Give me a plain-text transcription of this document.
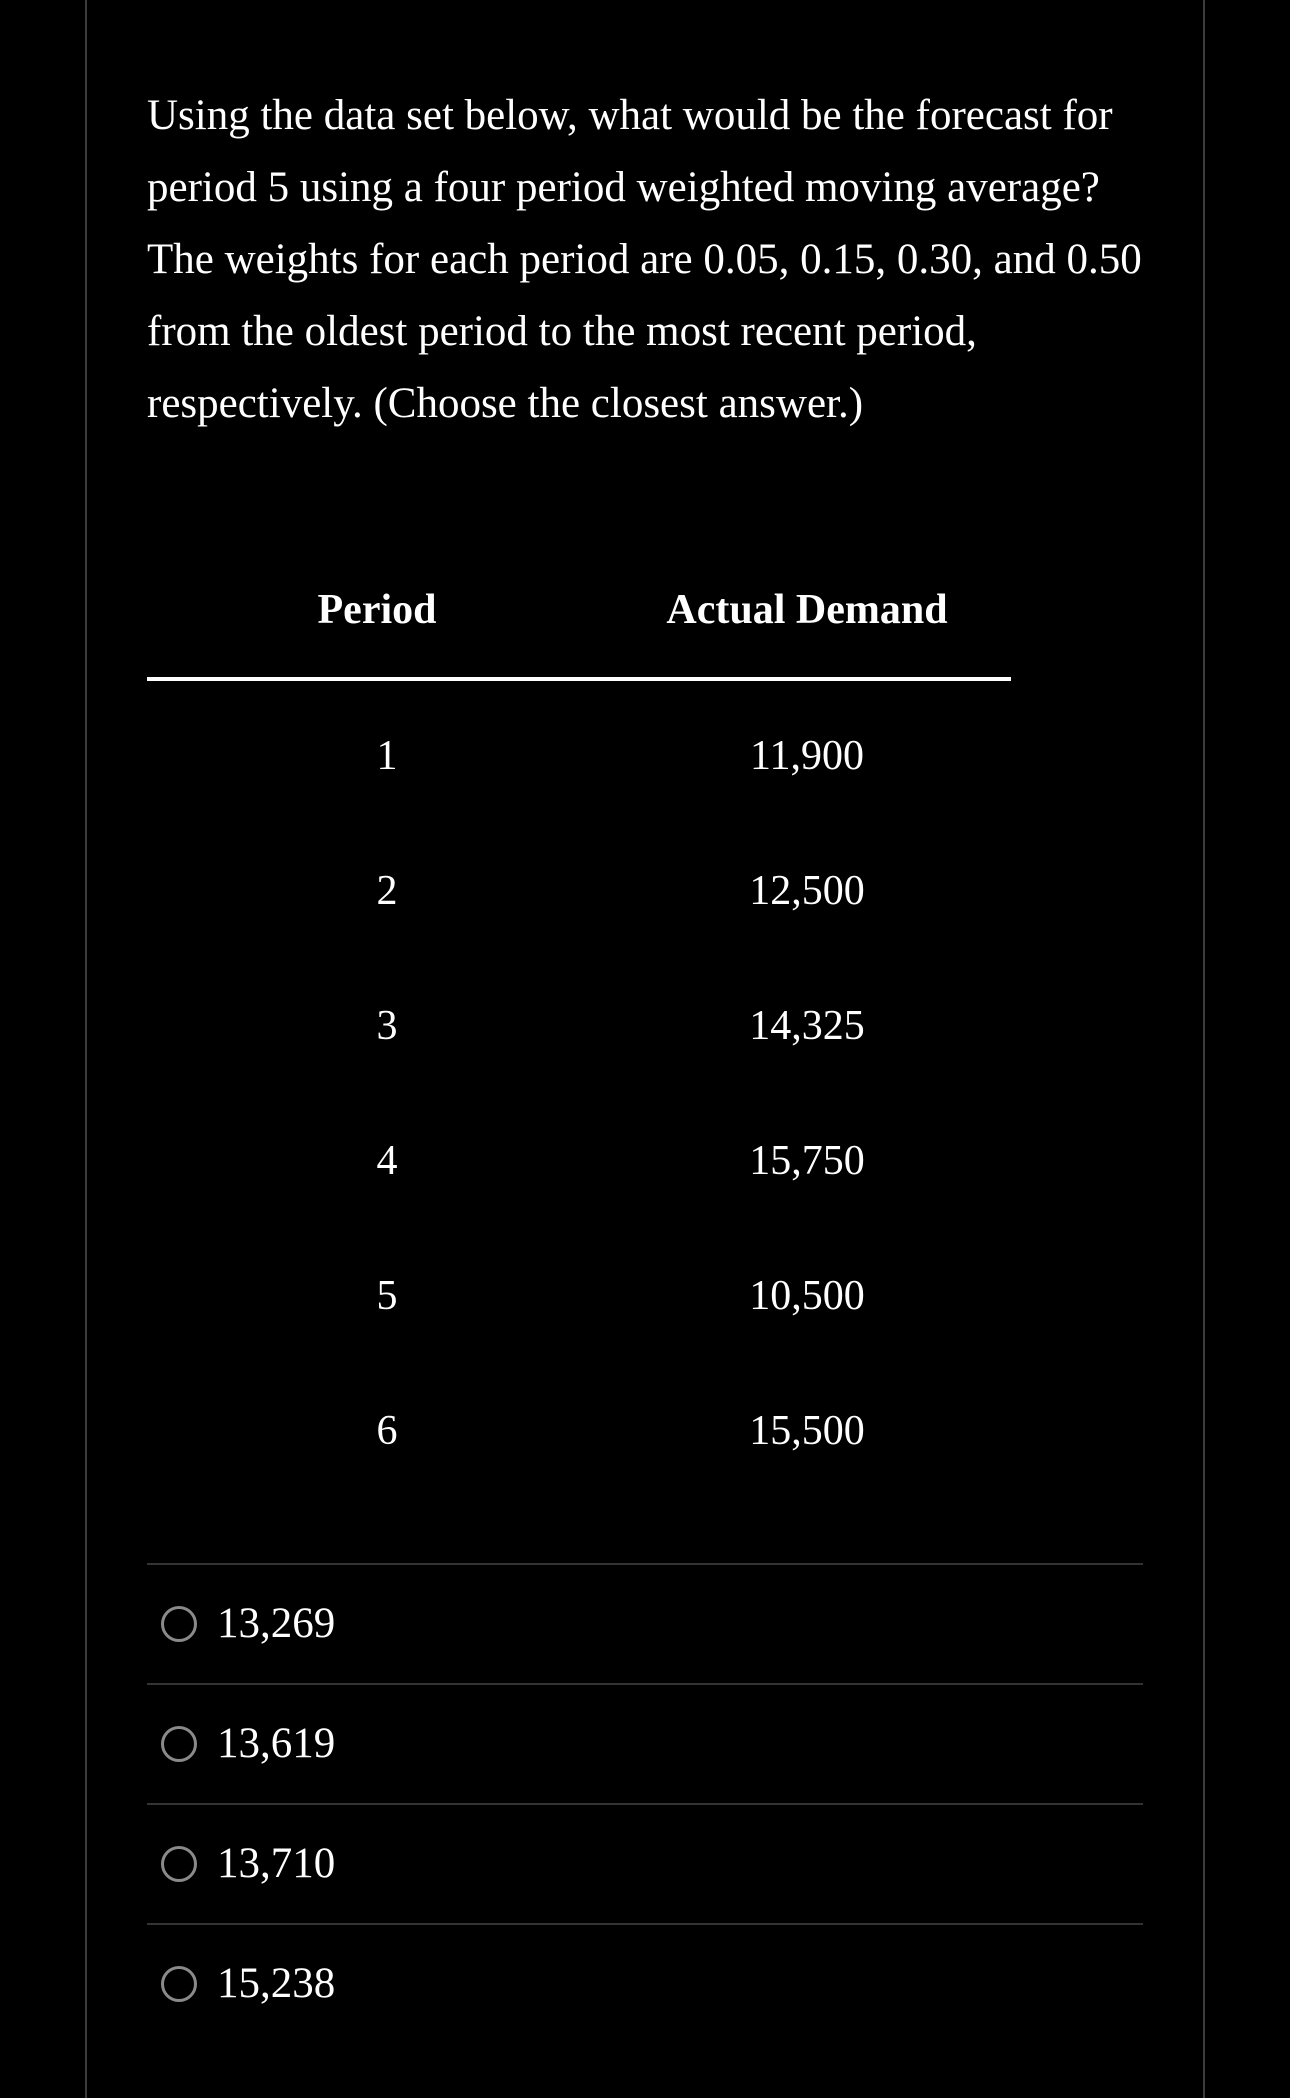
Using the data set below, what would be the forecast for period 5 using a four period weighted moving average? The weights for each period are 0.05, 0.15, 0.30, and 0.50 from the oldest period to the most recent period, respectively. (Choose the closest answer.)

Period	Actual Demand
1	11,900
2	12,500
3	14,325
4	15,750
5	10,500
6	15,500
13,269
13,619
13,710
15,238
